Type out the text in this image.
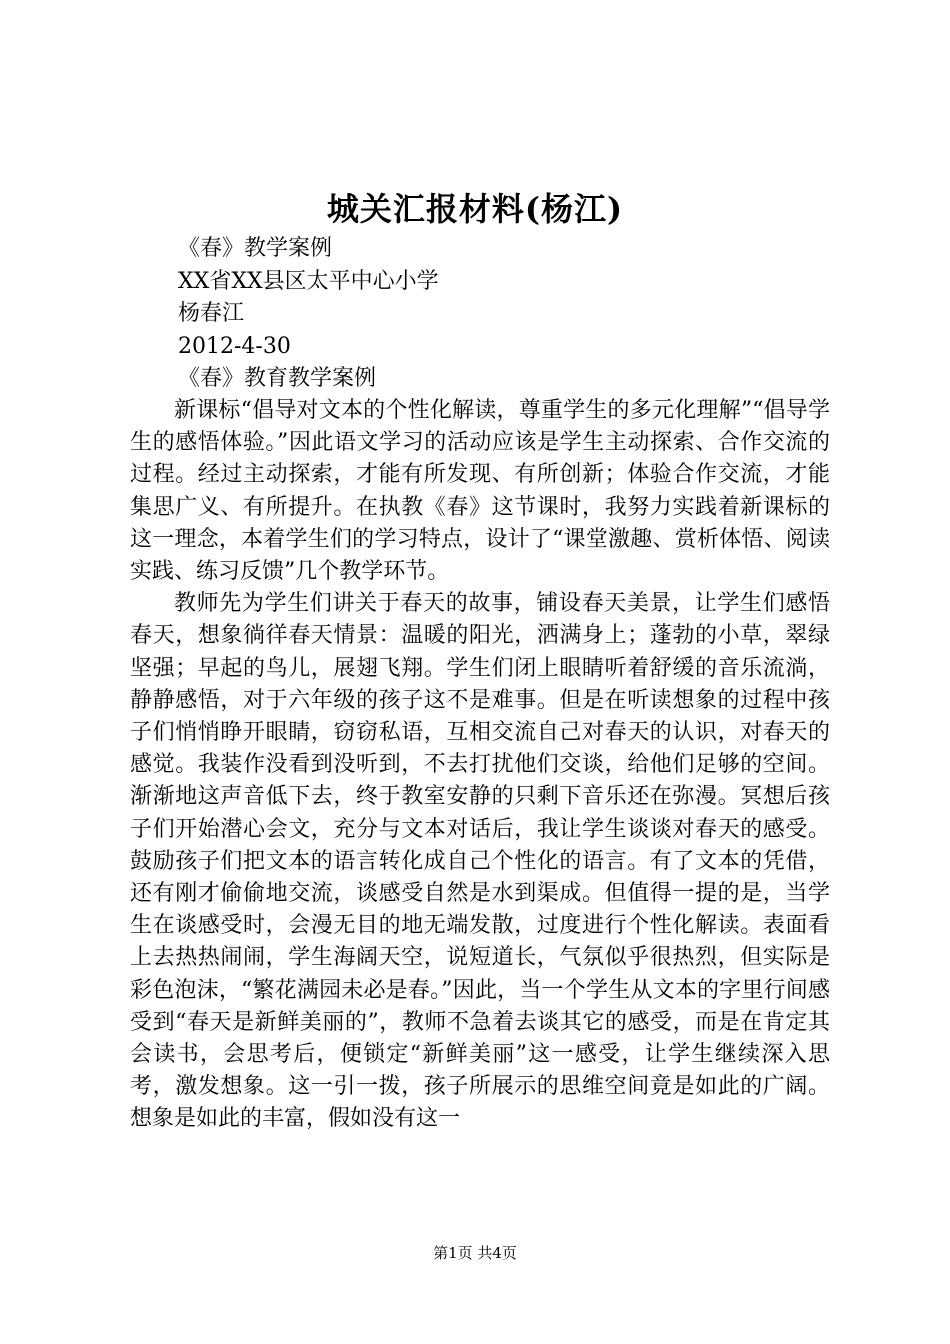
城关汇报材料(杨江)
《春》教学案例
XX省XX县区太平中心小学
杨春江
2012-4-30
《春》教育教学案例

新课标“倡导对文本的个性化解读，尊重学生的多元化理解”“倡导学生的感悟体验。”因此语文学习的活动应该是学生主动探索、合作交流的过程。经过主动探索，才能有所发现、有所创新；体验合作交流，才能集思广义、有所提升。在执教《春》这节课时，我努力实践着新课标的这一理念，本着学生们的学习特点，设计了“课堂激趣、赏析体悟、阅读实践、练习反馈”几个教学环节。

教师先为学生们讲关于春天的故事，铺设春天美景，让学生们感悟春天，想象徜徉春天情景：温暖的阳光，洒满身上；蓬勃的小草，翠绿坚强；早起的鸟儿，展翅飞翔。学生们闭上眼睛听着舒缓的音乐流淌，静静感悟，对于六年级的孩子这不是难事。但是在听读想象的过程中孩子们悄悄睁开眼睛，窃窃私语，互相交流自己对春天的认识，对春天的感觉。我装作没看到没听到，不去打扰他们交谈，给他们足够的空间。渐渐地这声音低下去，终于教室安静的只剩下音乐还在弥漫。冥想后孩子们开始潜心会文，充分与文本对话后，我让学生谈谈对春天的感受。鼓励孩子们把文本的语言转化成自己个性化的语言。有了文本的凭借，还有刚才偷偷地交流，谈感受自然是水到渠成。但值得一提的是，当学生在谈感受时，会漫无目的地无端发散，过度进行个性化解读。表面看上去热热闹闹，学生海阔天空，说短道长，气氛似乎很热烈，但实际是彩色泡沫，“繁花满园未必是春。”因此，当一个学生从文本的字里行间感受到“春天是新鲜美丽的”，教师不急着去谈其它的感受，而是在肯定其会读书，会思考后，便锁定“新鲜美丽”这一感受，让学生继续深入思考，激发想象。这一引一拨，孩子所展示的思维空间竟是如此的广阔。想象是如此的丰富，假如没有这一

第1页 共4页
